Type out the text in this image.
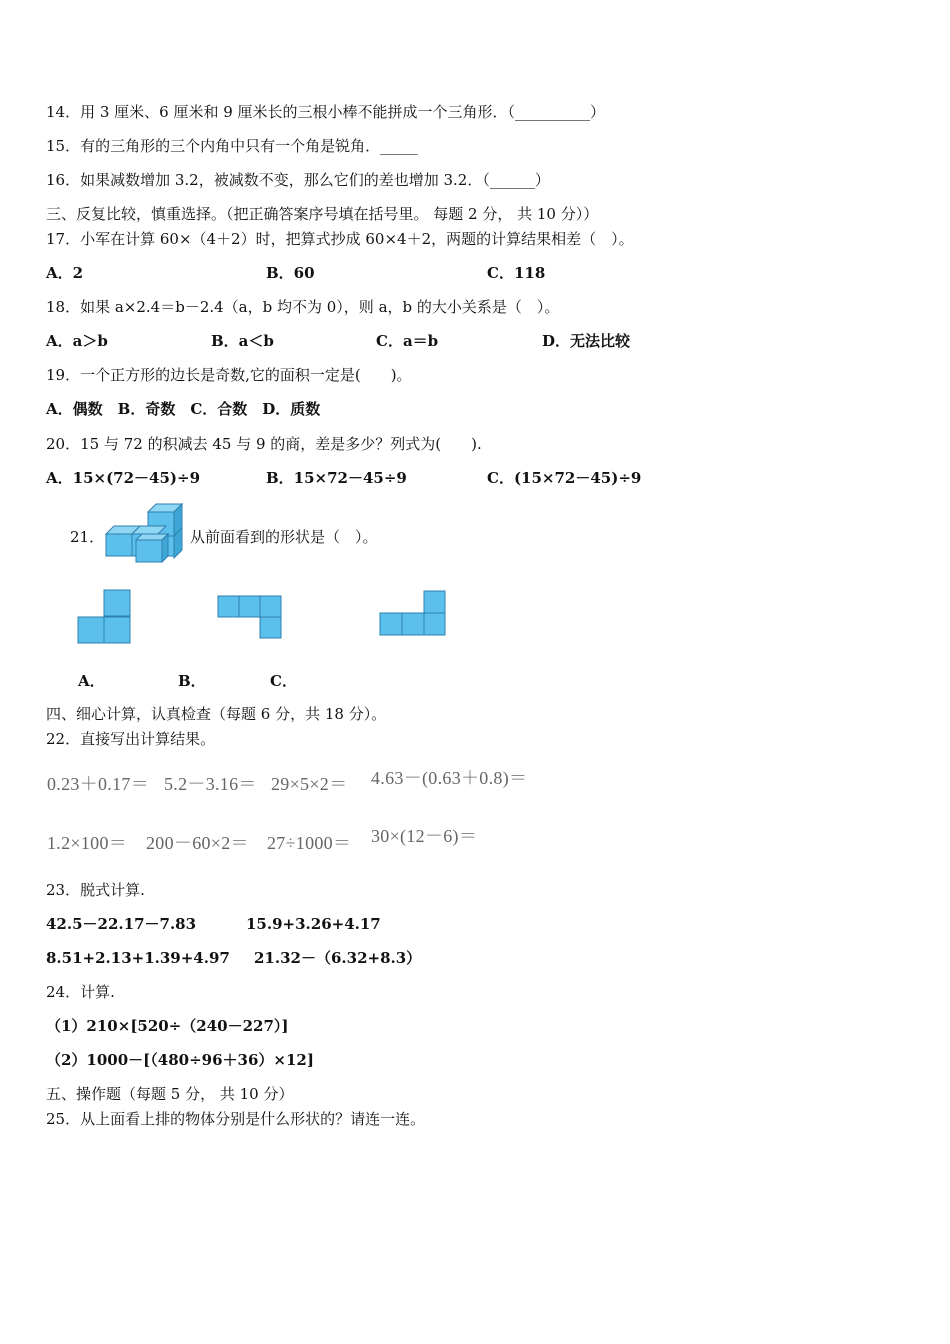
14．用 3 厘米、6 厘米和 9 厘米长的三根小棒不能拼成一个三角形．（__________）
15．有的三角形的三个内角中只有一个角是锐角．_____
16．如果减数增加 3.2，被减数不变，那么它们的差也增加 3.2．（______）
三、反复比较，慎重选择。（把正确答案序号填在括号里。 每题 2 分， 共 10 分））
17．小军在计算 60×（4＋2）时，把算式抄成 60×4＋2，两题的计算结果相差（　）。
A．2	B．60	C．118
18．如果 a×2.4＝b－2.4（a，b 均不为 0），则 a，b 的大小关系是（　）。
A．a＞b	B．a＜b	C．a＝b	D．无法比较
19．一个正方形的边长是奇数,它的面积一定是(　　)。
A．偶数　B．奇数　C．合数　D．质数
20．15 与 72 的积减去 45 与 9 的商，差是多少？列式为(　　).
A．15×(72－45)÷9	B．15×72－45÷9	C．(15×72－45)÷9
21．	从前面看到的形状是（　）。
A．	B．	C．
四、细心计算，认真检查（每题 6 分，共 18 分）。
22．直接写出计算结果。
0.23＋0.17＝ 5.2－3.16＝ 29×5×2＝ 4.63－(0.63＋0.8)＝
1.2×100＝ 200－60×2＝ 27÷1000＝ 30×(12－6)＝
23．脱式计算.
42.5－22.17－7.83	15.9+3.26+4.17
8.51+2.13+1.39+4.97 21.32－（6.32+8.3）
24．计算.
（1）210×[520÷（240－227）]
（2）1000－[（480÷96＋36）×12]
五、操作题（每题 5 分， 共 10 分）
25．从上面看上排的物体分别是什么形状的？请连一连。
